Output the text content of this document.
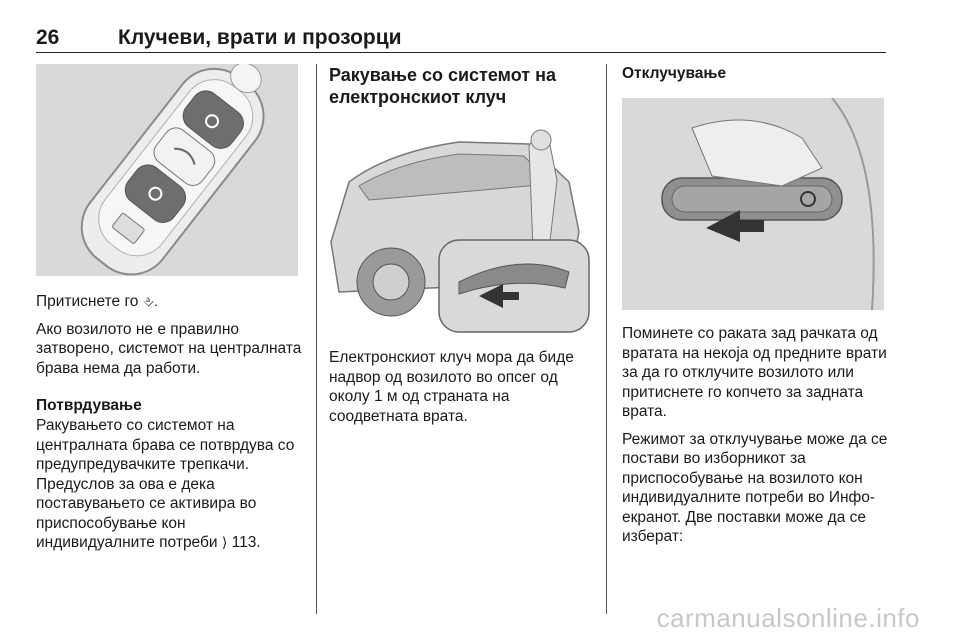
26	Клучеви, врати и прозорци

Притиснете го ⎀.

Ако возилото не е правилно затворено, системот на централната брава нема да работи.

Потврдување

Ракувањето со системот на централната брава се потврдува со предупредувачките трепкачи. Предуслов за ова е дека поставувањето се активира во приспособување кон индивидуалните потреби ⟩ 113.

Ракување со системот на електронскиот клуч

Електронскиот клуч мора да биде надвор од возилото во опсег од околу 1 м од страната на соодветната врата.

Отклучување

Поминете со раката зад рачката од вратата на некоја од предните врати за да го отклучите возилото или притиснете го копчето за задната врата.

Режимот за отклучување може да се постави во изборникот за приспособување на возилото кон индивидуалните потреби во Инфо-екранот. Две поставки може да се изберат:

carmanualsonline.info
